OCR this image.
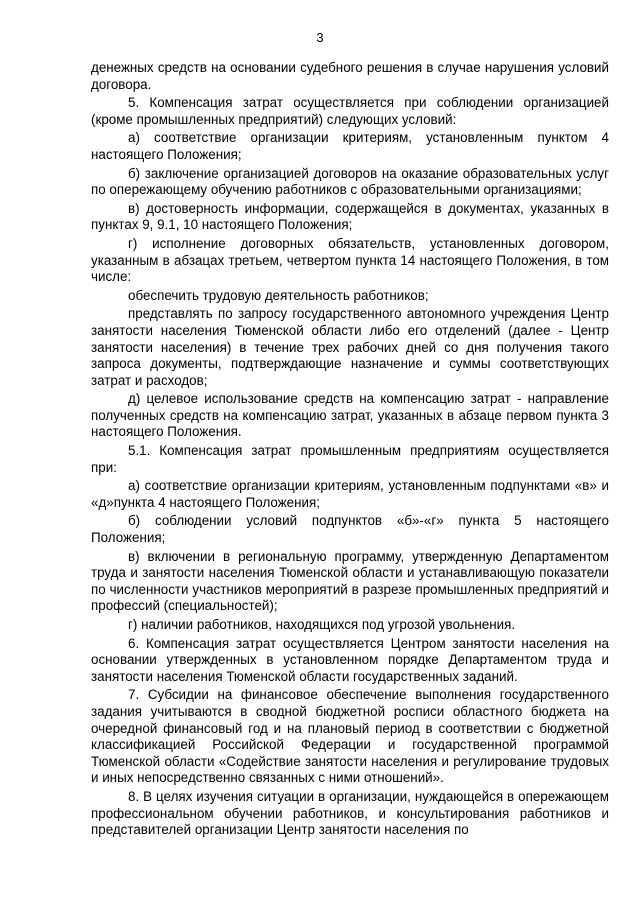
3

денежных средств на основании судебного решения в случае нарушения условий договора.

5. Компенсация затрат осуществляется при соблюдении организацией (кроме промышленных предприятий) следующих условий:

а) соответствие организации критериям, установленным пунктом 4 настоящего Положения;

б) заключение организацией договоров на оказание образовательных услуг по опережающему обучению работников с образовательными организациями;

в) достоверность информации, содержащейся в документах, указанных в пунктах 9, 9.1, 10 настоящего Положения;

г) исполнение договорных обязательств, установленных договором, указанным в абзацах третьем, четвертом пункта 14 настоящего Положения, в том числе:

обеспечить трудовую деятельность работников;

представлять по запросу государственного автономного учреждения Центр занятости населения Тюменской области либо его отделений (далее - Центр занятости населения) в течение трех рабочих дней со дня получения такого запроса документы, подтверждающие назначение и суммы соответствующих затрат и расходов;

д) целевое использование средств на компенсацию затрат - направление полученных средств на компенсацию затрат, указанных в абзаце первом пункта 3 настоящего Положения.

5.1. Компенсация затрат промышленным предприятиям осуществляется при:

а) соответствие организации критериям, установленным подпунктами «в» и «д»пункта 4 настоящего Положения;

б) соблюдении условий подпунктов «б»-«г» пункта 5 настоящего Положения;

в) включении в региональную программу, утвержденную Департаментом труда и занятости населения Тюменской области и устанавливающую показатели по численности участников мероприятий в разрезе промышленных предприятий и профессий (специальностей);

г) наличии работников, находящихся под угрозой увольнения.

6. Компенсация затрат осуществляется Центром занятости населения на основании утвержденных в установленном порядке Департаментом труда и занятости населения Тюменской области государственных заданий.

7. Субсидии на финансовое обеспечение выполнения государственного задания учитываются в сводной бюджетной росписи областного бюджета на очередной финансовый год и на плановый период в соответствии с бюджетной классификацией Российской Федерации и государственной программой Тюменской области «Содействие занятости населения и регулирование трудовых и иных непосредственно связанных с ними отношений».

8. В целях изучения ситуации в организации, нуждающейся в опережающем профессиональном обучении работников, и консультирования работников и представителей организации Центр занятости населения по
